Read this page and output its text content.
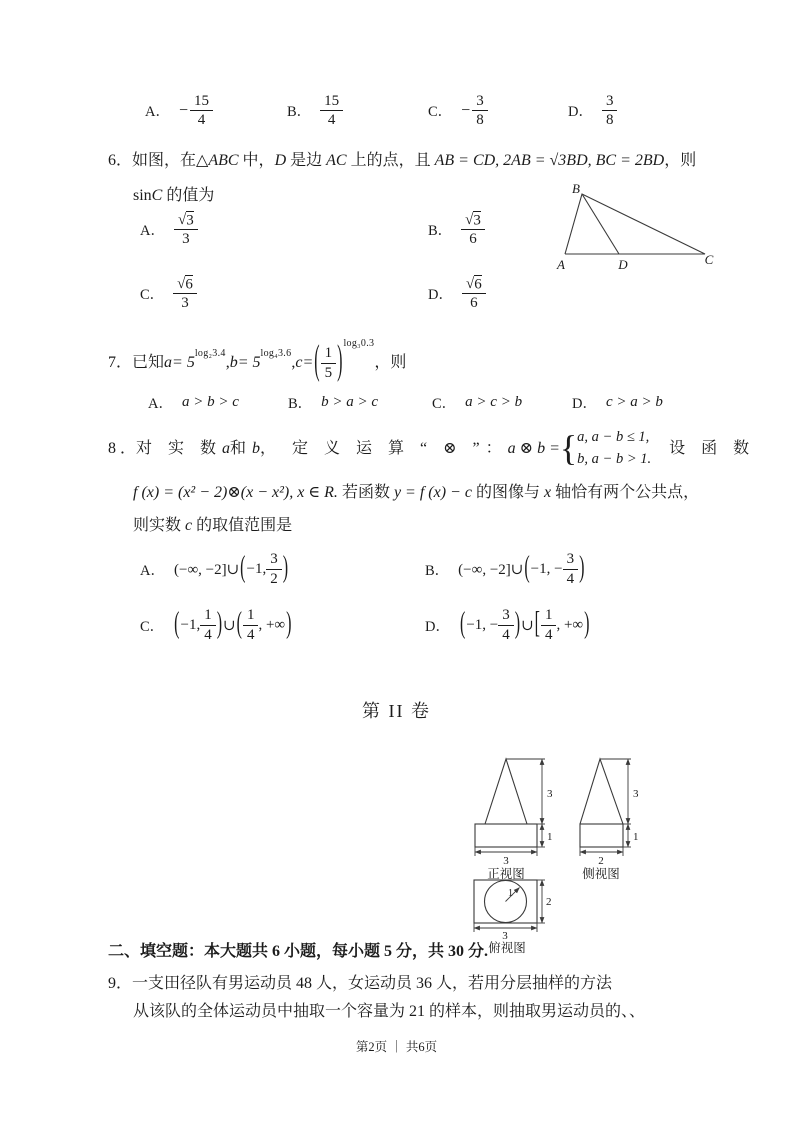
A． − $\frac{15}{4}$	B． $\frac{15}{4}$	C． − $\frac{3}{8}$	D． $\frac{3}{8}$
6．如图，在△ABC 中，D 是边 AC 上的点，且 AB = CD, 2AB = √3BD, BC = 2BD，则
sinC 的值为
A． $\frac{√3}{3}$	B． $\frac{√3}{6}$
C． $\frac{√6}{3}$	D． $\frac{√6}{6}$
B
A	D	C
7． 已知 a = 5
log₂3.4
, b = 5
log₄3.6
, c = ( $\frac{1}{5}$ ) log₃0.3
，则
A． a > b > c	B． b > a > c	C． a > c > b	D． c > a > b
8 ． 对 实 数 a 和 b ， 定 义 运 算 “ ⊗ ”： a ⊗ b = { a, a − b ≤ 1,
b, a − b > 1.
设 函 数
f (x) = (x² − 2)⊗(x − x²), x ∈ R. 若函数 y = f (x) − c 的图像与 x 轴恰有两个公共点，
则实数 c 的取值范围是
A． (−∞, −2]∪ ( −1, $\frac{3}{2}$ )	B． (−∞, −2]∪ ( −1, − $\frac{3}{4}$ )
C． ( −1, $\frac{1}{4}$ ) ∪ ( $\frac{1}{4}$ , +∞ )	D． ( −1, − $\frac{3}{4}$ ) ∪ [ $\frac{1}{4}$ , +∞ )
第 II 卷
3
1
3
正视图
3
1
2
侧视图
1
2
3
俯视图
二、填空题：本大题共 6 小题，每小题 5 分，共 30 分.
9．一支田径队有男运动员 48 人，女运动员 36 人，若用分层抽样的方法
从该队的全体运动员中抽取一个容量为 21 的样本，则抽取男运动员的、、
第2页 ｜ 共6页
